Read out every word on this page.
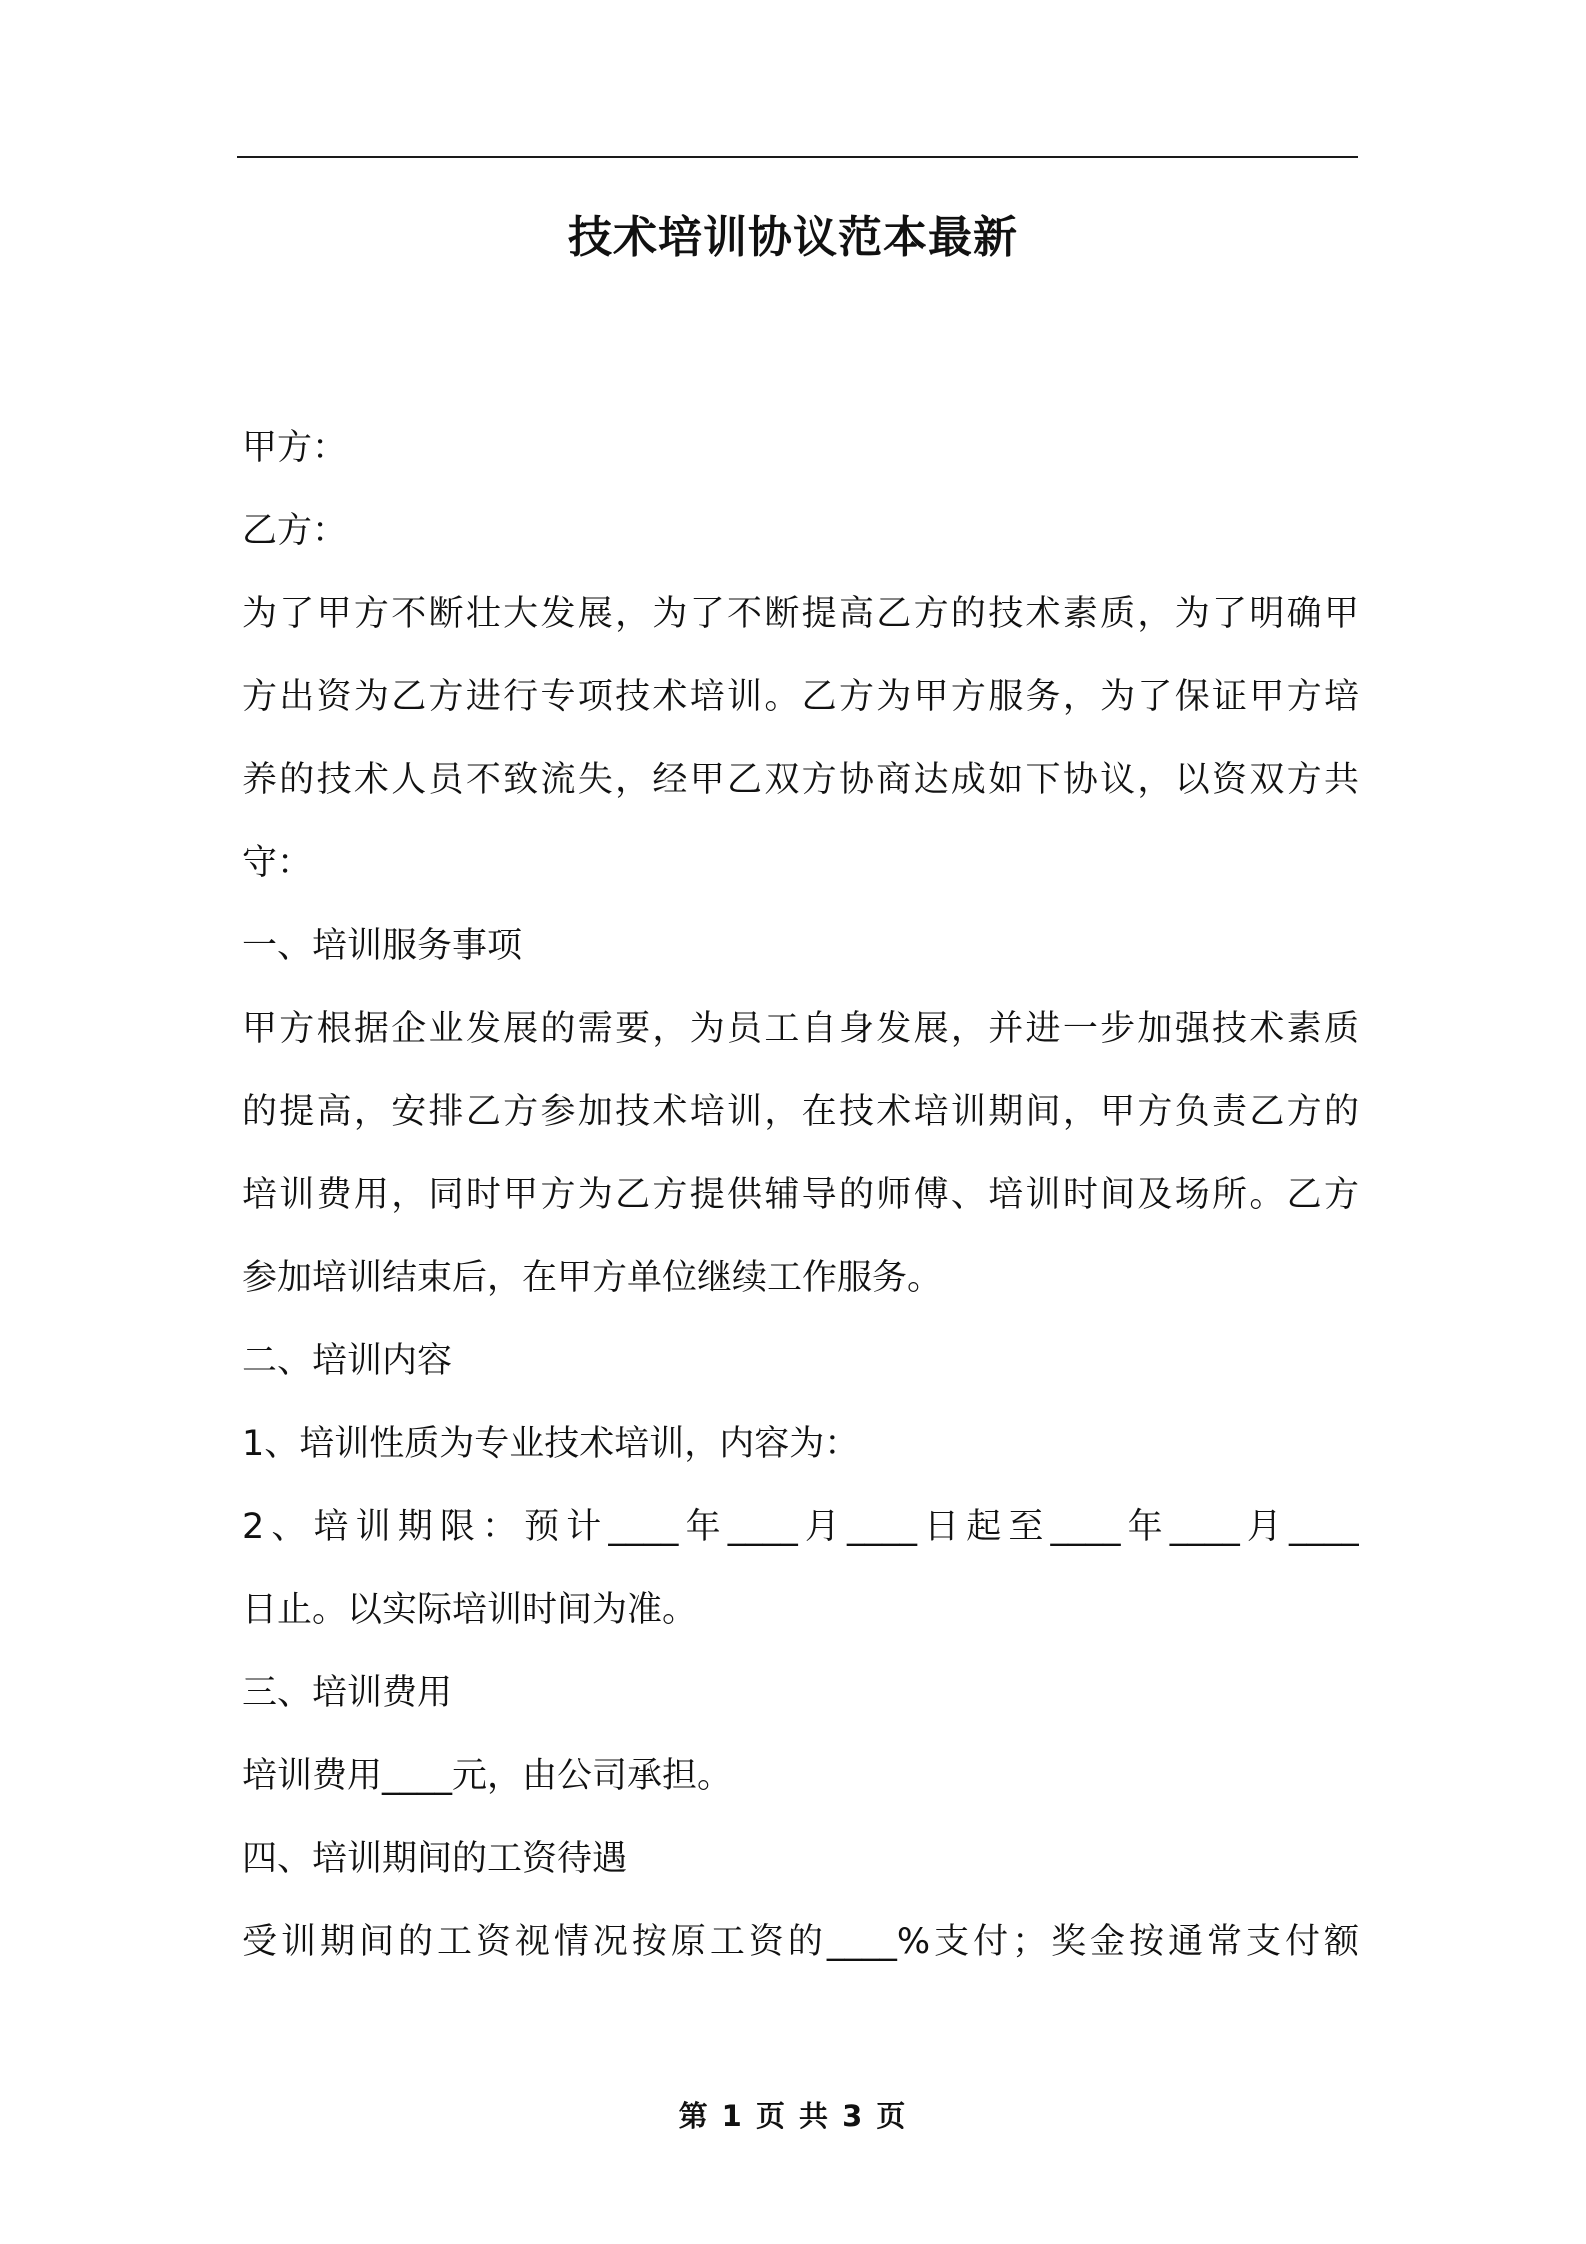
技术培训协议范本最新
甲方：
乙方：
为了甲方不断壮大发展，为了不断提高乙方的技术素质，为了明确甲
方出资为乙方进行专项技术培训。乙方为甲方服务，为了保证甲方培
养的技术人员不致流失，经甲乙双方协商达成如下协议，以资双方共
守：
一、培训服务事项
甲方根据企业发展的需要，为员工自身发展，并进一步加强技术素质
的提高，安排乙方参加技术培训，在技术培训期间，甲方负责乙方的
培训费用，同时甲方为乙方提供辅导的师傅、培训时间及场所。乙方
参加培训结束后，在甲方单位继续工作服务。
二、培训内容
1、培训性质为专业技术培训，内容为：
2、培训期限：预计____年____月____日起至____年____月____
日止。以实际培训时间为准。
三、培训费用
培训费用____元，由公司承担。
四、培训期间的工资待遇
受训期间的工资视情况按原工资的____%支付；奖金按通常支付额
第 1 页 共 3 页
